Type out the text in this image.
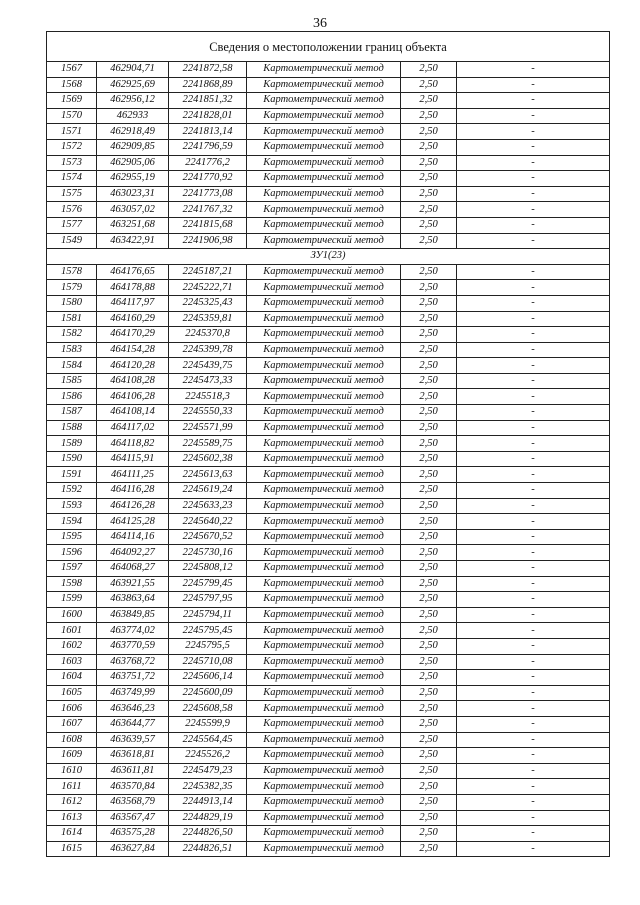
36
Сведения о местоположении границ объекта					
1567	462904,71	2241872,58	Картометрический метод	2,50	-
1568	462925,69	2241868,89	Картометрический метод	2,50	-
1569	462956,12	2241851,32	Картометрический метод	2,50	-
1570	462933	2241828,01	Картометрический метод	2,50	-
1571	462918,49	2241813,14	Картометрический метод	2,50	-
1572	462909,85	2241796,59	Картометрический метод	2,50	-
1573	462905,06	2241776,2	Картометрический метод	2,50	-
1574	462955,19	2241770,92	Картометрический метод	2,50	-
1575	463023,31	2241773,08	Картометрический метод	2,50	-
1576	463057,02	2241767,32	Картометрический метод	2,50	-
1577	463251,68	2241815,68	Картометрический метод	2,50	-
1549	463422,91	2241906,98	Картометрический метод	2,50	-
ЗУ1(23)					
1578	464176,65	2245187,21	Картометрический метод	2,50	-
1579	464178,88	2245222,71	Картометрический метод	2,50	-
1580	464117,97	2245325,43	Картометрический метод	2,50	-
1581	464160,29	2245359,81	Картометрический метод	2,50	-
1582	464170,29	2245370,8	Картометрический метод	2,50	-
1583	464154,28	2245399,78	Картометрический метод	2,50	-
1584	464120,28	2245439,75	Картометрический метод	2,50	-
1585	464108,28	2245473,33	Картометрический метод	2,50	-
1586	464106,28	2245518,3	Картометрический метод	2,50	-
1587	464108,14	2245550,33	Картометрический метод	2,50	-
1588	464117,02	2245571,99	Картометрический метод	2,50	-
1589	464118,82	2245589,75	Картометрический метод	2,50	-
1590	464115,91	2245602,38	Картометрический метод	2,50	-
1591	464111,25	2245613,63	Картометрический метод	2,50	-
1592	464116,28	2245619,24	Картометрический метод	2,50	-
1593	464126,28	2245633,23	Картометрический метод	2,50	-
1594	464125,28	2245640,22	Картометрический метод	2,50	-
1595	464114,16	2245670,52	Картометрический метод	2,50	-
1596	464092,27	2245730,16	Картометрический метод	2,50	-
1597	464068,27	2245808,12	Картометрический метод	2,50	-
1598	463921,55	2245799,45	Картометрический метод	2,50	-
1599	463863,64	2245797,95	Картометрический метод	2,50	-
1600	463849,85	2245794,11	Картометрический метод	2,50	-
1601	463774,02	2245795,45	Картометрический метод	2,50	-
1602	463770,59	2245795,5	Картометрический метод	2,50	-
1603	463768,72	2245710,08	Картометрический метод	2,50	-
1604	463751,72	2245606,14	Картометрический метод	2,50	-
1605	463749,99	2245600,09	Картометрический метод	2,50	-
1606	463646,23	2245608,58	Картометрический метод	2,50	-
1607	463644,77	2245599,9	Картометрический метод	2,50	-
1608	463639,57	2245564,45	Картометрический метод	2,50	-
1609	463618,81	2245526,2	Картометрический метод	2,50	-
1610	463611,81	2245479,23	Картометрический метод	2,50	-
1611	463570,84	2245382,35	Картометрический метод	2,50	-
1612	463568,79	2244913,14	Картометрический метод	2,50	-
1613	463567,47	2244829,19	Картометрический метод	2,50	-
1614	463575,28	2244826,50	Картометрический метод	2,50	-
1615	463627,84	2244826,51	Картометрический метод	2,50	-
